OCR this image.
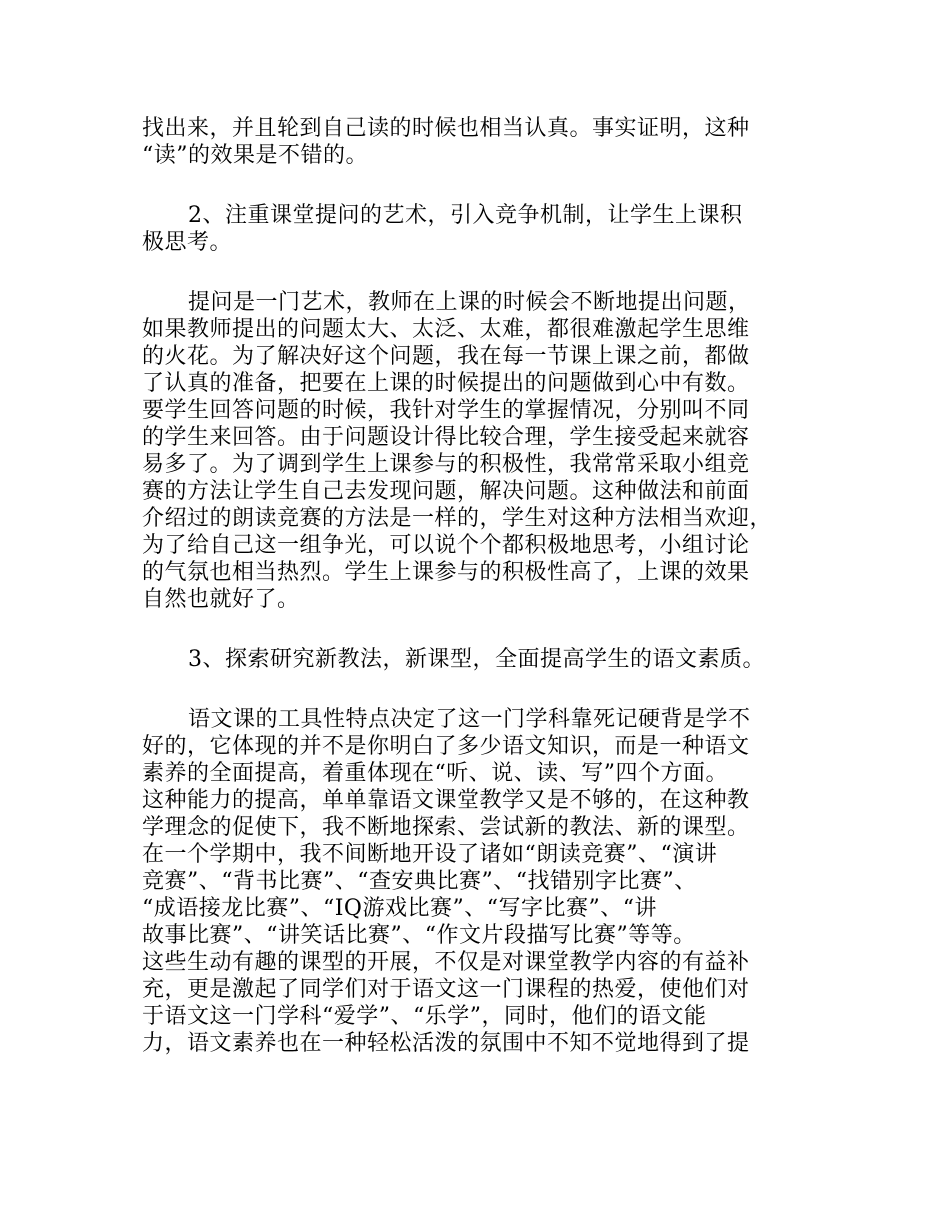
找出来，并且轮到自己读的时候也相当认真。事实证明，这种
“读”的效果是不错的。
2、注重课堂提问的艺术，引入竞争机制，让学生上课积
极思考。
提问是一门艺术，教师在上课的时候会不断地提出问题，
如果教师提出的问题太大、太泛、太难，都很难激起学生思维
的火花。为了解决好这个问题，我在每一节课上课之前，都做
了认真的准备，把要在上课的时候提出的问题做到心中有数。
要学生回答问题的时候，我针对学生的掌握情况，分别叫不同
的学生来回答。由于问题设计得比较合理，学生接受起来就容
易多了。为了调到学生上课参与的积极性，我常常采取小组竞
赛的方法让学生自己去发现问题，解决问题。这种做法和前面
介绍过的朗读竞赛的方法是一样的，学生对这种方法相当欢迎，
为了给自己这一组争光，可以说个个都积极地思考，小组讨论
的气氛也相当热烈。学生上课参与的积极性高了，上课的效果
自然也就好了。
3、探索研究新教法，新课型，全面提高学生的语文素质。
语文课的工具性特点决定了这一门学科靠死记硬背是学不
好的，它体现的并不是你明白了多少语文知识，而是一种语文
素养的全面提高，着重体现在“听、说、读、写”四个方面。
这种能力的提高，单单靠语文课堂教学又是不够的，在这种教
学理念的促使下，我不断地探索、尝试新的教法、新的课型。
在一个学期中，我不间断地开设了诸如“朗读竞赛”、“演讲
竞赛”、“背书比赛”、“查安典比赛”、“找错别字比赛”、
“成语接龙比赛”、“IQ游戏比赛”、“写字比赛”、“讲
故事比赛”、“讲笑话比赛”、“作文片段描写比赛”等等。
这些生动有趣的课型的开展，不仅是对课堂教学内容的有益补
充，更是激起了同学们对于语文这一门课程的热爱，使他们对
于语文这一门学科“爱学”、“乐学”，同时，他们的语文能
力，语文素养也在一种轻松活泼的氛围中不知不觉地得到了提
